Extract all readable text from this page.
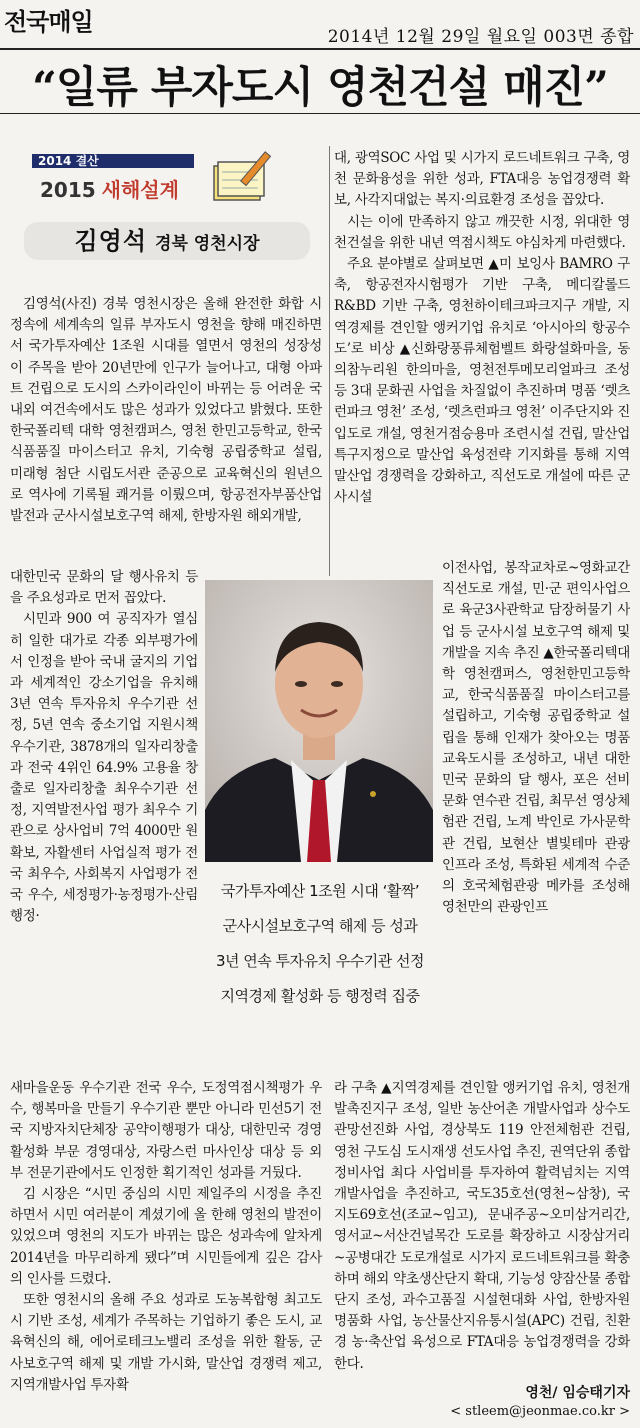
전국매일

2014년 12월 29일 월요일 003면 종합

“일류 부자도시 영천건설 매진”
2014 결산
2015 새해설계
김영석 경북 영천시장

김영석(사진) 경북 영천시장은 올해 완전한 화합 시정속에 세계속의 일류 부자도시 영천을 향해 매진하면서 국가투자예산 1조원 시대를 열면서 영천의 성장성이 주목을 받아 20년만에 인구가 늘어나고, 대형 아파트 건립으로 도시의 스카이라인이 바뀌는 등 어려운 국내외 여건속에서도 많은 성과가 있었다고 밝혔다. 또한 한국폴리텍 대학 영천캠퍼스, 영천 한민고등학교, 한국 식품품질 마이스터고 유치, 기숙형 공립중학교 설립, 미래형 첨단 시립도서관 준공으로 교육혁신의 원년으로 역사에 기록될 쾌거를 이뤘으며, 항공전자부품산업 발전과 군사시설보호구역 해제, 한방자원 해외개발,

대한민국 문화의 달 행사유치 등을 주요성과로 먼저 꼽았다.

시민과 900 여 공직자가 열심히 일한 대가로 각종 외부평가에서 인정을 받아 국내 굴지의 기업과 세계적인 강소기업을 유치해 3년 연속 투자유치 우수기관 선정, 5년 연속 중소기업 지원시책 우수기관, 3878개의 일자리창출과 전국 4위인 64.9% 고용율 창출로 일자리창출 최우수기관 선정, 지역발전사업 평가 최우수 기관으로 상사업비 7억 4000만 원 확보, 자활센터 사업실적 평가 전국 최우수, 사회복지 사업평가 전국 우수, 세정평가·농정평가·산림행정·

새마을운동 우수기관 전국 우수, 도정역점시책평가 우수, 행복마을 만들기 우수기관 뿐만 아니라 민선5기 전국 지방자치단체장 공약이행평가 대상, 대한민국 경영활성화 부문 경영대상, 자랑스런 마사인상 대상 등 외부 전문기관에서도 인정한 획기적인 성과를 거뒀다.

김 시장은 “시민 중심의 시민 제일주의 시정을 추진하면서 시민 여러분이 계셨기에 올 한해 영천의 발전이 있었으며 영천의 지도가 바뀌는 많은 성과속에 알차게 2014년을 마무리하게 됐다”며 시민들에게 깊은 감사의 인사를 드렸다.

또한 영천시의 올해 주요 성과로 도농복합형 최고도시 기반 조성, 세계가 주목하는 기업하기 좋은 도시, 교육혁신의 해, 에어로테크노밸리 조성을 위한 활동, 군사보호구역 해제 및 개발 가시화, 말산업 경쟁력 제고, 지역개발사업 투자확

대, 광역SOC 사업 및 시가지 로드네트워크 구축, 영천 문화융성을 위한 성과, FTA대응 농업경쟁력 확보, 사각지대없는 복지·의료환경 조성을 꼽았다.

시는 이에 만족하지 않고 깨끗한 시정, 위대한 영천건설을 위한 내년 역점시책도 야심차게 마련했다.

주요 분야별로 살펴보면 ▲미 보잉사 BAMRO 구축, 항공전자시험평가 기반 구축, 메디칼롤드 R&BD 기반 구축, 영천하이테크파크지구 개발, 지역경제를 견인할 앵커기업 유치로 ‘아시아의 항공수도’로 비상 ▲신화랑풍류체험벨트 화랑설화마을, 동의참누리원 한의마을, 영천전투메모리얼파크 조성 등 3대 문화권 사업을 차질없이 추진하며 명품 ‘렛츠런파크 영천’ 조성, ‘렛츠런파크 영천’ 이주단지와 진입도로 개설, 영천거점승용마 조련시설 건립, 말산업 특구지정으로 말산업 육성전략 기지화를 통해 지역 말산업 경쟁력을 강화하고, 직선도로 개설에 따른 군사시설

이전사업, 봉작교차로~영화교간 직선도로 개설, 민·군 편익사업으로 육군3사관학교 담장허물기 사업 등 군사시설 보호구역 해제 및 개발을 지속 추진 ▲한국폴리텍대학 영천캠퍼스, 영천한민고등학교, 한국식품품질 마이스터고를 설립하고, 기숙형 공립중학교 설립을 통해 인재가 찾아오는 명품 교육도시를 조성하고, 내년 대한민국 문화의 달 행사, 포은 선비문화 연수관 건립, 최무선 영상체험관 건립, 노계 박인로 가사문학관 건립, 보현산 별빛테마 관광 인프라 조성, 특화된 세계적 수준의 호국체험관광 메카를 조성해 영천만의 관광인프

라 구축 ▲지역경제를 견인할 앵커기업 유치, 영천개발촉진지구 조성, 일반 농산어촌 개발사업과 상수도 관망선진화 사업, 경상북도 119 안전체험관 건립, 영천 구도심 도시재생 선도사업 추진, 권역단위 종합정비사업 최다 사업비를 투자하여 활력넘치는 지역개발사업을 추진하고, 국도35호선(영천~삼창), 국지도69호선(조교~임고), 문내주공~오미삼거리간, 영서교~서산건널목간 도로를 확장하고 시장삼거리~공병대간 도로개설로 시가지 로드네트워크를 확충하며 해외 약초생산단지 확대, 기능성 양잠산물 종합단지 조성, 과수고품질 시설현대화 사업, 한방자원 명품화 사업, 농산물산지유통시설(APC) 건립, 친환경 농·축산업 육성으로 FTA대응 농업경쟁력을 강화한다.

국가투자예산 1조원 시대 ‘활짝’
군사시설보호구역 해제 등 성과
3년 연속 투자유치 우수기관 선정
지역경제 활성화 등 행정력 집중

영천/ 임승태기자

< stleem@jeonmae.co.kr >
